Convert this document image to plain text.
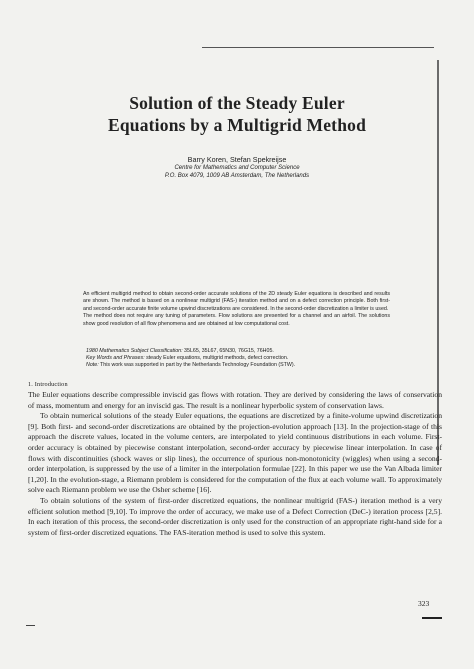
Solution of the Steady Euler
Equations by a Multigrid Method
Barry Koren, Stefan Spekreijse
Centre for Mathematics and Computer Science
P.O. Box 4079, 1009 AB Amsterdam, The Netherlands

An efficient multigrid method to obtain second-order accurate solutions of the 2D steady Euler equations is described and results are shown. The method is based on a nonlinear multigrid (FAS-) iteration method and on a defect correction principle. Both first- and second-order accurate finite volume upwind discretizations are considered. In the second-order discretization a limiter is used.

The method does not require any tuning of parameters. Flow solutions are presented for a channel and an airfoil. The solutions show good resolution of all flow phenomena and are obtained at low computational cost.

1980 Mathematics Subject Classification: 35L65, 35L67, 65N30, 76G15, 76H05.

Key Words and Phrases: steady Euler equations, multigrid methods, defect correction.

Note: This work was supported in part by the Netherlands Technology Foundation (STW).

1. Introduction

The Euler equations describe compressible inviscid gas flows with rotation. They are derived by considering the laws of conservation of mass, momentum and energy for an inviscid gas. The result is a nonlinear hyperbolic system of conservation laws.

To obtain numerical solutions of the steady Euler equations, the equations are discretized by a finite-volume upwind discretization [9]. Both first- and second-order discretizations are obtained by the projection-evolution approach [13]. In the projection-stage of this approach the discrete values, located in the volume centers, are interpolated to yield continuous distributions in each volume. First-order accuracy is obtained by piecewise constant interpolation, second-order accuracy by piecewise linear interpolation. In case of flows with discontinuities (shock waves or slip lines), the occurrence of spurious non-monotonicity (wiggles) when using a second-order interpolation, is suppressed by the use of a limiter in the interpolation formulae [22]. In this paper we use the Van Albada limiter [1,20]. In the evolution-stage, a Riemann problem is considered for the computation of the flux at each volume wall. To approximately solve each Riemann problem we use the Osher scheme [16].

To obtain solutions of the system of first-order discretized equations, the nonlinear multigrid (FAS-) iteration method is a very efficient solution method [9,10]. To improve the order of accuracy, we make use of a Defect Correction (DeC-) iteration process [2,5]. In each iteration of this process, the second-order discretization is only used for the construction of an appropriate right-hand side for a system of first-order discretized equations. The FAS-iteration method is used to solve this system.

323
